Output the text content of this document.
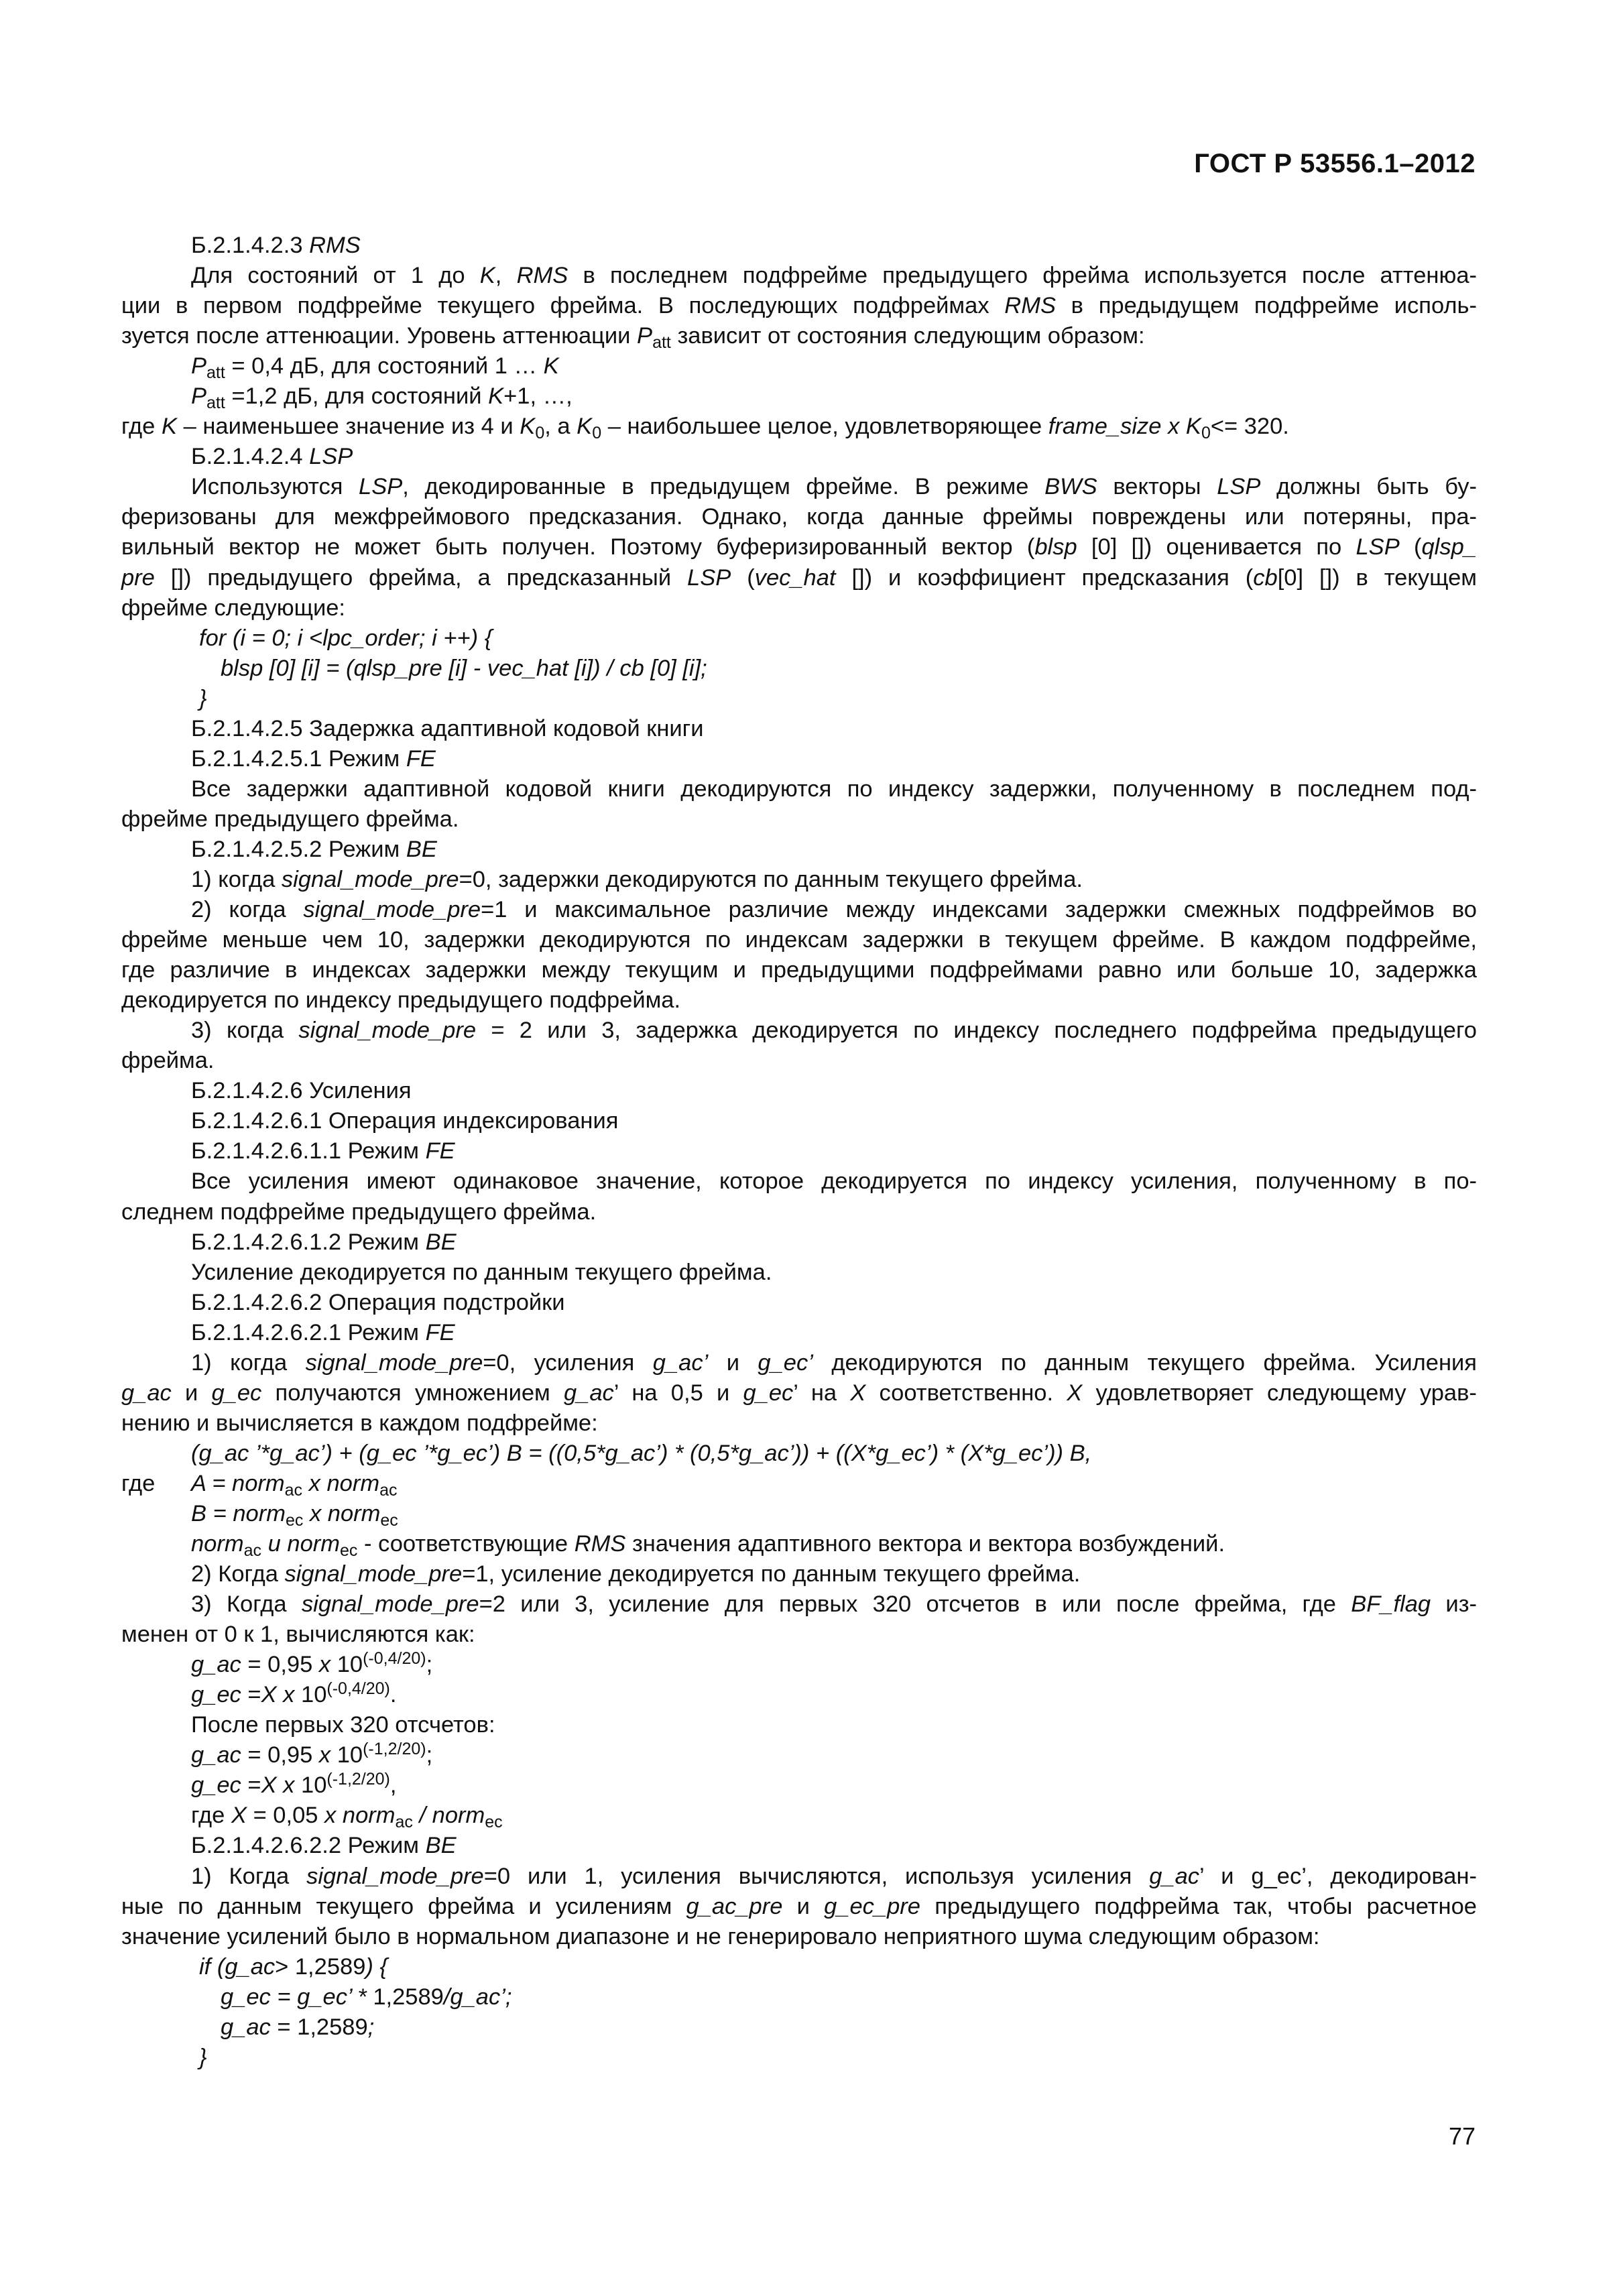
ГОСТ Р 53556.1–2012
Б.2.1.4.2.3 RMS
Для состояний от 1 до K, RMS в последнем подфрейме предыдущего фрейма используется после аттенюа-
ции в первом подфрейме текущего фрейма. В последующих подфреймах RMS в предыдущем подфрейме исполь-
зуется после аттенюации. Уровень аттенюации $P_{att}$ зависит от состояния следующим образом:
$P_{att} = 0,4$ дБ, для состояний 1 … K
$P_{att} =1,2$ дБ, для состояний K+1, …,
где K – наименьшее значение из 4 и $K_0$, а $K_0$ – наибольшее целое, удовлетворяющее frame_size x $K_0<= 320$.
Б.2.1.4.2.4 LSP
Используются LSP, декодированные в предыдущем фрейме. В режиме BWS векторы LSP должны быть бу-
феризованы для межфреймового предсказания. Однако, когда данные фреймы повреждены или потеряны, пра-
вильный вектор не может быть получен. Поэтому буферизированный вектор (blsp [0] []) оценивается по LSP (qlsp_
pre []) предыдущего фрейма, а предсказанный LSP (vec_hat []) и коэффициент предсказания (cb[0] []) в текущем
фрейме следующие:
for (i = 0; i <lpc_order; i ++) {
blsp [0] [i] = (qlsp_pre [i] - vec_hat [i]) / cb [0] [i];
}
Б.2.1.4.2.5 Задержка адаптивной кодовой книги
Б.2.1.4.2.5.1 Режим FE
Все задержки адаптивной кодовой книги декодируются по индексу задержки, полученному в последнем под-
фрейме предыдущего фрейма.
Б.2.1.4.2.5.2 Режим BE
1) когда signal_mode_pre=0, задержки декодируются по данным текущего фрейма.
2) когда signal_mode_pre=1 и максимальное различие между индексами задержки смежных подфреймов во
фрейме меньше чем 10, задержки декодируются по индексам задержки в текущем фрейме. В каждом подфрейме,
где различие в индексах задержки между текущим и предыдущими подфреймами равно или больше 10, задержка
декодируется по индексу предыдущего подфрейма.
3) когда signal_mode_pre = 2 или 3, задержка декодируется по индексу последнего подфрейма предыдущего
фрейма.
Б.2.1.4.2.6 Усиления
Б.2.1.4.2.6.1 Операция индексирования
Б.2.1.4.2.6.1.1 Режим FE
Все усиления имеют одинаковое значение, которое декодируется по индексу усиления, полученному в по-
следнем подфрейме предыдущего фрейма.
Б.2.1.4.2.6.1.2 Режим BE
Усиление декодируется по данным текущего фрейма.
Б.2.1.4.2.6.2 Операция подстройки
Б.2.1.4.2.6.2.1 Режим FE
1) когда signal_mode_pre=0, усиления g_ac’ и g_ec’ декодируются по данным текущего фрейма. Усиления
g_ac и g_ec получаются умножением g_ac’ на 0,5 и g_ec’ на X соответственно. X удовлетворяет следующему урав-
нению и вычисляется в каждом подфрейме:
(g_ac ’*g_ac’) + (g_ec ’*g_ec’) B = ((0,5*g_ac’) * (0,5*g_ac’)) + ((X*g_ec’) * (X*g_ec’)) B,
где A = norm$_{ac}$ x norm$_{ac}$
B = norm$_{ec}$ x norm$_{ec}$
norm$_{ac}$ u norm$_{ec}$ - соответствующие RMS значения адаптивного вектора и вектора возбуждений.
2) Когда signal_mode_pre=1, усиление декодируется по данным текущего фрейма.
3) Когда signal_mode_pre=2 или 3, усиление для первых 320 отсчетов в или после фрейма, где BF_flag из-
менен от 0 к 1, вычисляются как:
g_ac = 0,95 x $10^{(-0,4/20)}$;
g_ec =X x $10^{(-0,4/20)}$.
После первых 320 отсчетов:
g_ac = 0,95 x $10^{(-1,2/20)}$;
g_ec =X x $10^{(-1,2/20)}$,
где X = 0,05 x norm$_{ac}$ / norm$_{ec}$
Б.2.1.4.2.6.2.2 Режим BE
1) Когда signal_mode_pre=0 или 1, усиления вычисляются, используя усиления g_ac’ и g_ec’, декодирован-
ные по данным текущего фрейма и усилениям g_ac_pre и g_ec_pre предыдущего подфрейма так, чтобы расчетное
значение усилений было в нормальном диапазоне и не генерировало неприятного шума следующим образом:
if (g_ac> 1,2589) {
g_ec = g_ec’ * 1,2589/g_ac’;
g_ac = 1,2589;
}
77
